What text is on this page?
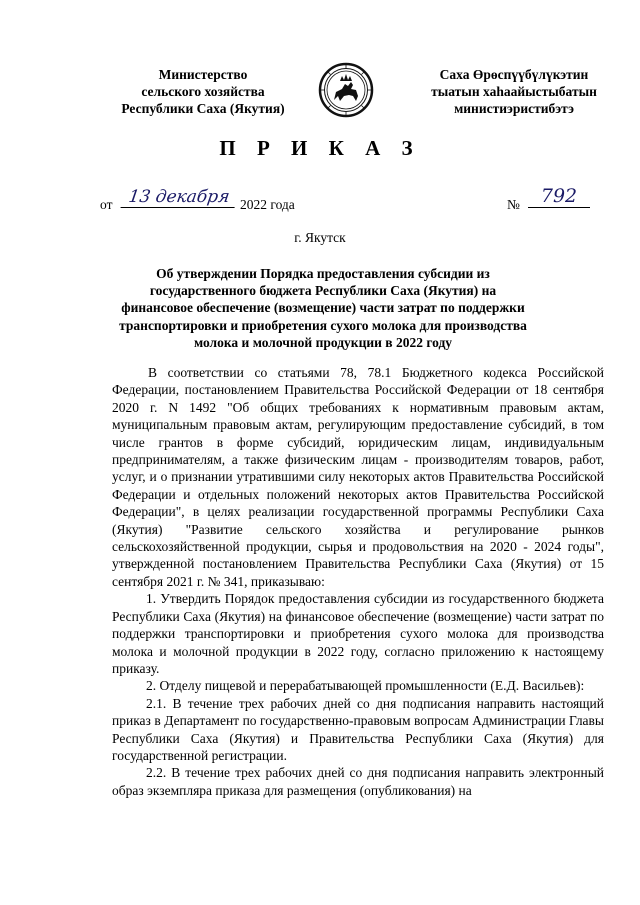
Министерство
сельского хозяйства
Республики Саха (Якутия)
Саха Өрөспүүбүлүкэтин
тыатын хаһаайыстыбатын
министиэристибэтэ
П Р И К А З
от 13 декабря 2022 года	№	792
г. Якутск
Об утверждении Порядка предоставления субсидии из государственного бюджета Республики Саха (Якутия) на финансовое обеспечение (возмещение) части затрат по поддержки транспортировки и приобретения сухого молока для производства молока и молочной продукции в 2022 году

В соответствии со статьями 78, 78.1 Бюджетного кодекса Российской Федерации, постановлением Правительства Российской Федерации от 18 сентября 2020 г. N 1492 "Об общих требованиях к нормативным правовым актам, муниципальным правовым актам, регулирующим предоставление субсидий, в том числе грантов в форме субсидий, юридическим лицам, индивидуальным предпринимателям, а также физическим лицам - производителям товаров, работ, услуг, и о признании утратившими силу некоторых актов Правительства Российской Федерации и отдельных положений некоторых актов Правительства Российской Федерации", в целях реализации государственной программы Республики Саха (Якутия) "Развитие сельского хозяйства и регулирование рынков сельскохозяйственной продукции, сырья и продовольствия на 2020 - 2024 годы", утвержденной постановлением Правительства Республики Саха (Якутия) от 15 сентября 2021 г. № 341, приказываю:

1. Утвердить Порядок предоставления субсидии из государственного бюджета Республики Саха (Якутия) на финансовое обеспечение (возмещение) части затрат по поддержки транспортировки и приобретения сухого молока для производства молока и молочной продукции в 2022 году, согласно приложению к настоящему приказу.

2. Отделу пищевой и перерабатывающей промышленности (Е.Д. Васильев):

2.1. В течение трех рабочих дней со дня подписания направить настоящий приказ в Департамент по государственно-правовым вопросам Администрации Главы Республики Саха (Якутия) и Правительства Республики Саха (Якутия) для государственной регистрации.

2.2. В течение трех рабочих дней со дня подписания направить электронный образ экземпляра приказа для размещения (опубликования) на
